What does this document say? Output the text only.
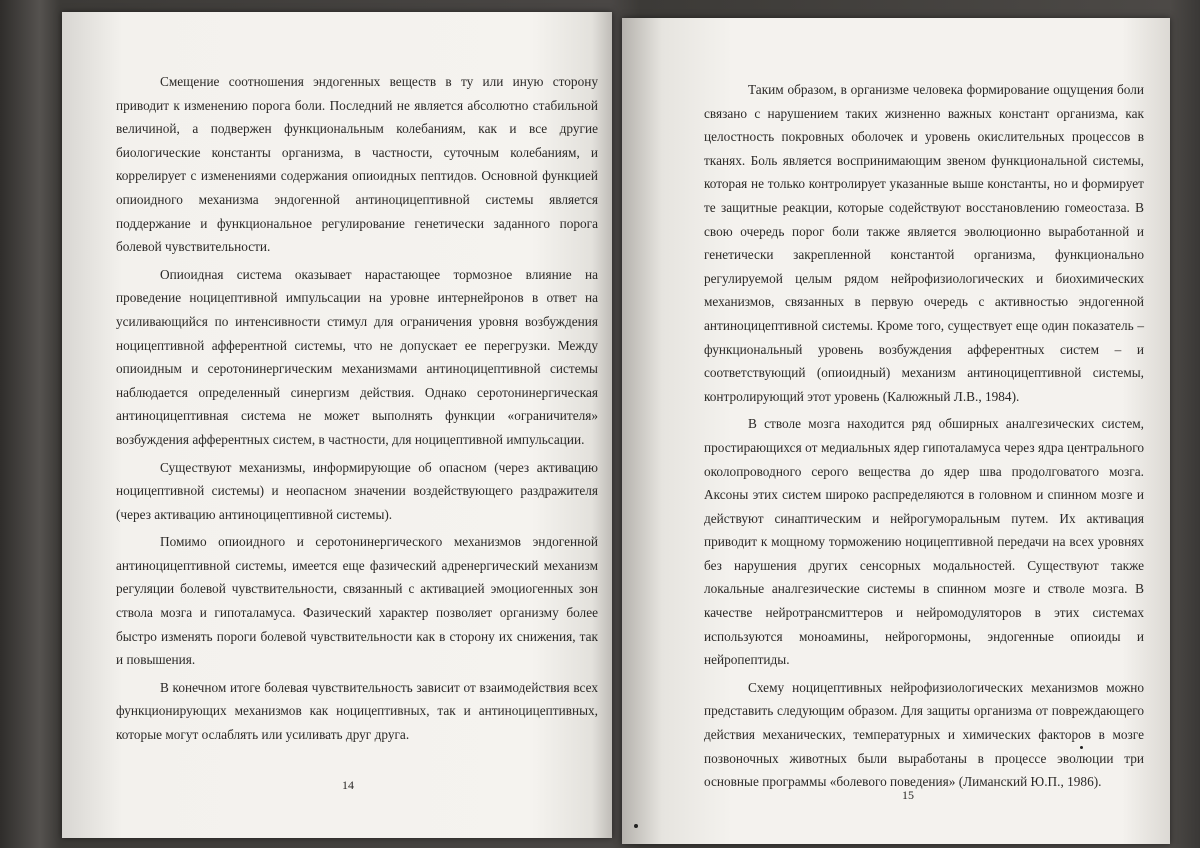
Смещение соотношения эндогенных веществ в ту или иную сторону приводит к изменению порога боли. Последний не является абсолютно стабильной величиной, а подвержен функциональным колебаниям, как и все другие биологические константы организма, в частности, суточным колебаниям, и коррелирует с изменениями содержания опиоидных пептидов. Основной функцией опиоидного механизма эндогенной антиноцицептивной системы является поддержание и функциональное регулирование генетически заданного порога болевой чувствительности.

Опиоидная система оказывает нарастающее тормозное влияние на проведение ноцицептивной импульсации на уровне интернейронов в ответ на усиливающийся по интенсивности стимул для ограничения уровня возбуждения ноцицептивной афферентной системы, что не допускает ее перегрузки. Между опиоидным и серотонинергическим механизмами антиноцицептивной системы наблюдается определенный синергизм действия. Однако серотонинергическая антиноцицептивная система не может выполнять функции «ограничителя» возбуждения афферентных систем, в частности, для ноцицептивной импульсации.

Существуют механизмы, информирующие об опасном (через активацию ноцицептивной системы) и неопасном значении воздействующего раздражителя (через активацию антиноцицептивной системы).

Помимо опиоидного и серотонинергического механизмов эндогенной антиноцицептивной системы, имеется еще фазический адренергический механизм регуляции болевой чувствительности, связанный с активацией эмоциогенных зон ствола мозга и гипоталамуса. Фазический характер позволяет организму более быстро изменять пороги болевой чувствительности как в сторону их снижения, так и повышения.

В конечном итоге болевая чувствительность зависит от взаимодействия всех функционирующих механизмов как ноцицептивных, так и антиноцицептивных, которые могут ослаблять или усиливать друг друга.

14

Таким образом, в организме человека формирование ощущения боли связано с нарушением таких жизненно важных констант организма, как целостность покровных оболочек и уровень окислительных процессов в тканях. Боль является воспринимающим звеном функциональной системы, которая не только контролирует указанные выше константы, но и формирует те защитные реакции, которые содействуют восстановлению гомеостаза. В свою очередь порог боли также является эволюционно выработанной и генетически закрепленной константой организма, функционально регулируемой целым рядом нейрофизиологических и биохимических механизмов, связанных в первую очередь с активностью эндогенной антиноцицептивной системы. Кроме того, существует еще один показатель – функциональный уровень возбуждения афферентных систем – и соответствующий (опиоидный) механизм антиноцицептивной системы, контролирующий этот уровень (Калюжный Л.В., 1984).

В стволе мозга находится ряд обширных аналгезических систем, простирающихся от медиальных ядер гипоталамуса через ядра центрального околопроводного серого вещества до ядер шва продолговатого мозга. Аксоны этих систем широко распределяются в головном и спинном мозге и действуют синаптическим и нейрогуморальным путем. Их активация приводит к мощному торможению ноцицептивной передачи на всех уровнях без нарушения других сенсорных модальностей. Существуют также локальные аналгезические системы в спинном мозге и стволе мозга. В качестве нейротрансмиттеров и нейромодуляторов в этих системах используются моноамины, нейрогормоны, эндогенные опиоиды и нейропептиды.

Схему ноцицептивных нейрофизиологических механизмов можно представить следующим образом. Для защиты организма от повреждающего действия механических, температурных и химических факторов в мозге позвоночных животных были выработаны в процессе эволюции три основные программы «болевого поведения» (Лиманский Ю.П., 1986).

15
